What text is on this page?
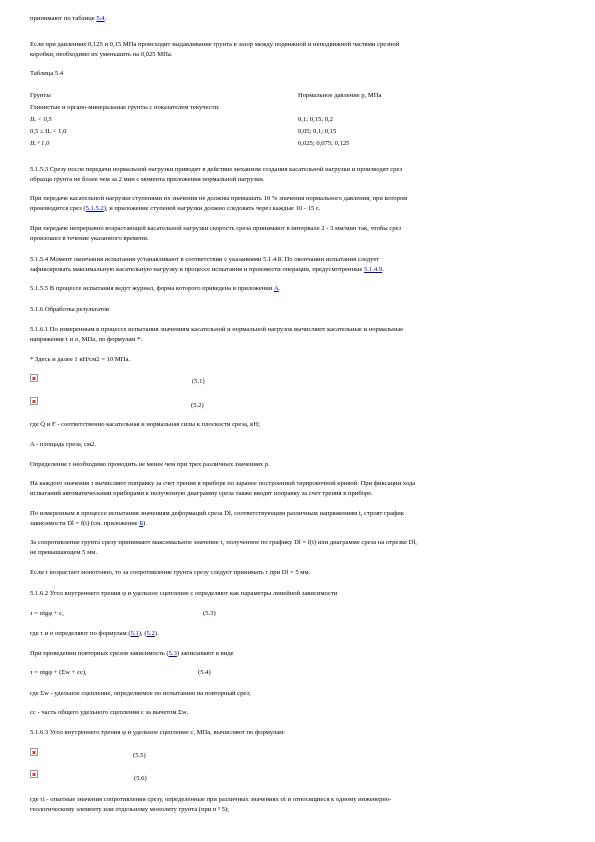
принимают по таблице 5.4.
Если при давлениях 0,125 и 0,15 МПа происходит выдавливание грунта в зазор между подвижной и неподвижной частями срезной
коробки, необходимо их уменьшить на 0,025 МПа.
Таблица 5.4
Грунты	Нормальное давление р, МПа
Глинистые и органо-минеральные грунты с показателем текучести:
IL < 0,5	0,1; 0,15; 0,2
0,5 ≤ IL < 1,0	0,05; 0,1; 0,15
IL ³ 1,0	0,025; 0,075; 0,125
5.1.5.3 Срезу после передачи нормальной нагрузки приводят в действие механизм создания касательной нагрузки и производят срез
образца грунта не более чем за 2 мин с момента приложения нормальной нагрузки.
При передаче касательной нагрузки ступенями их значения не должны превышать 10 % значения нормального давления, при котором
производится срез (5.1.5.2), и приложение ступеней нагрузки должно следовать через каждые 10 - 15 с.
При передаче непрерывно возрастающей касательной нагрузки скорость среза принимают в интервале 2 - 3 мм/мин так, чтобы срез
произошел в течение указанного времени.
5.1.5.4 Момент окончания испытания устанавливают в соответствии с указаниями 5.1.4.8. По окончании испытания следует
зафиксировать максимальную касательную нагрузку в процессе испытания и произвести операции, предусмотренные 5.1.4.9.
5.1.5.5 В процессе испытания ведут журнал, форма которого приведена в приложении А.
5.1.6 Обработка результатов
5.1.6.1 По измеренным в процессе испытания значениям касательной и нормальной нагрузок вычисляют касательные и нормальные
напряжения τ и σ, МПа, по формулам *:
* Здесь и далее 1 кН/см2 = 10 МПа.
(5.1)
(5.2)
где Q и F - соответственно касательная и нормальная силы к плоскости среза, кН;
A - площадь среза, см2.
Определение τ необходимо проводить не менее чем при трех различных значениях р.
На каждого значения τ вычисляют поправку за счет трения в приборе по заранее построенной тарировочной кривой. При фиксации хода
испытаний автоматическими приборами к полученную диаграмму среза также вводят поправку за счет трения в приборе.
По измеренным в процессе испытания значениям деформаций среза Dl, соответствующим различным напряжениям t, строят график
зависимости Dl = f(t) (см. приложение Б).
За сопротивление грунта срезу принимают максимальное значение τ, полученное по графику Dl = f(t) или диаграмме среза на отрезке Dl,
не превышающем 5 мм.
Если τ возрастает монотонно, то за сопротивление грунта срезу следует принимать τ при Dl = 5 мм.
5.1.6.2 Угол внутреннего трения φ и удельное сцепление с определяют как параметры линейной зависимости
τ = σtgφ + с,	(5.3)
где τ и σ определяют по формулам (5.1), (5.2).
При проведении повторных срезов зависимость (5.3) записывают в виде
τ = σtgφ + (Σw + сс),	(5.4)
где Σw - удельное сцепление, определяемое по испытанию на повторный срез;
сс - часть общего удельного сцепления с за вычетом Σw.
5.1.6.3 Угол внутреннего трения φ и удельное сцепление с, МПа, вычисляют по формулам:
(5.5)
(5.6)
где τi - опытные значения сопротивления срезу, определенные при различных значениях σi и относящиеся к одному инженерно-
геологическому элементу или отдельному монолиту грунта (при n ³ 5);
